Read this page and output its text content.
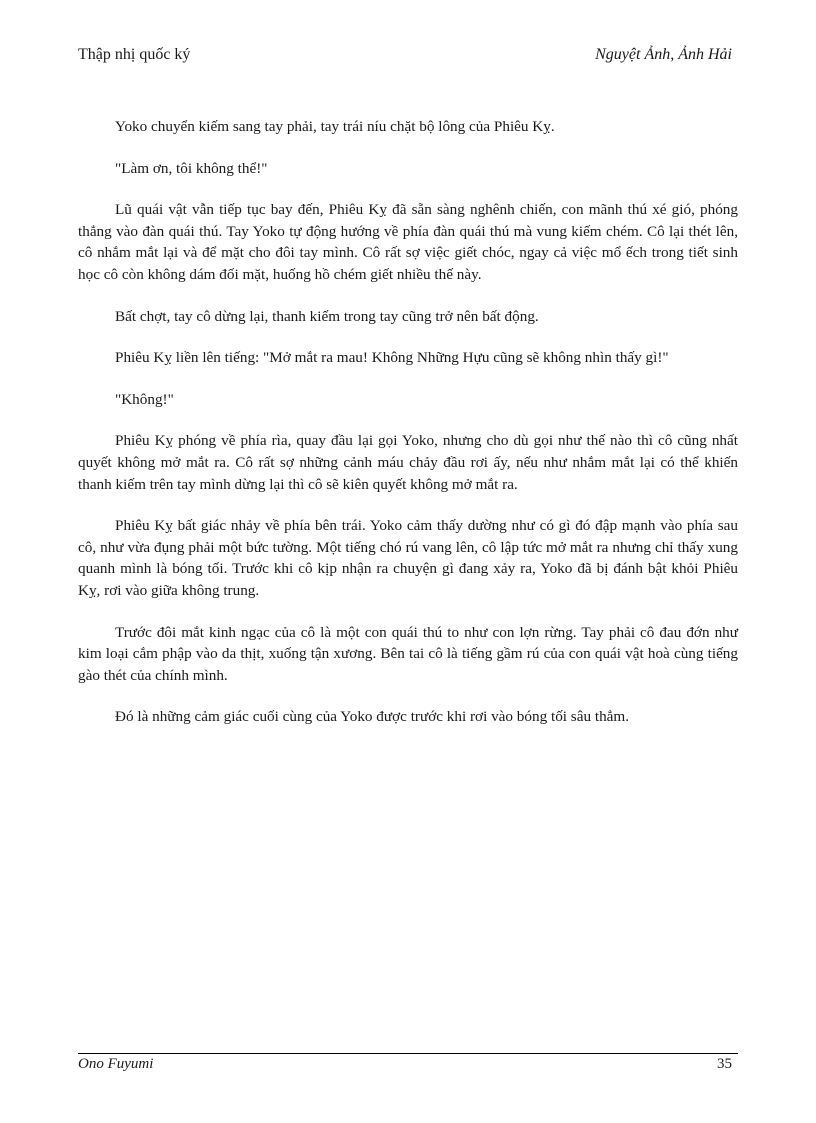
Thập nhị quốc ký	Nguyệt Ảnh, Ảnh Hải

Yoko chuyển kiếm sang tay phải, tay trái níu chặt bộ lông của Phiêu Kỵ.

"Làm ơn, tôi không thể!"

Lũ quái vật vẫn tiếp tục bay đến, Phiêu Kỵ đã sẵn sàng nghênh chiến, con mãnh thú xé gió, phóng thẳng vào đàn quái thú. Tay Yoko tự động hướng về phía đàn quái thú mà vung kiếm chém. Cô lại thét lên, cô nhắm mắt lại và để mặt cho đôi tay mình. Cô rất sợ việc giết chóc, ngay cả việc mổ ếch trong tiết sinh học cô còn không dám đối mặt, huống hồ chém giết nhiều thế này.

Bất chợt, tay cô dừng lại, thanh kiếm trong tay cũng trở nên bất động.

Phiêu Kỵ liền lên tiếng: "Mở mắt ra mau! Không Những Hựu cũng sẽ không nhìn thấy gì!"

"Không!"

Phiêu Kỵ phóng về phía rìa, quay đầu lại gọi Yoko, nhưng cho dù gọi như thế nào thì cô cũng nhất quyết không mở mắt ra. Cô rất sợ những cảnh máu chảy đầu rơi ấy, nếu như nhắm mắt lại có thể khiến thanh kiếm trên tay mình dừng lại thì cô sẽ kiên quyết không mở mắt ra.

Phiêu Kỵ bất giác nhảy về phía bên trái. Yoko cảm thấy dường như có gì đó đập mạnh vào phía sau cô, như vừa đụng phải một bức tường. Một tiếng chó rú vang lên, cô lập tức mở mắt ra nhưng chỉ thấy xung quanh mình là bóng tối. Trước khi cô kịp nhận ra chuyện gì đang xảy ra, Yoko đã bị đánh bật khỏi Phiêu Kỵ, rơi vào giữa không trung.

Trước đôi mắt kinh ngạc của cô là một con quái thú to như con lợn rừng. Tay phải cô đau đớn như kim loại cắm phập vào da thịt, xuống tận xương. Bên tai cô là tiếng gầm rú của con quái vật hoà cùng tiếng gào thét của chính mình.

Đó là những cảm giác cuối cùng của Yoko được trước khi rơi vào bóng tối sâu thẳm.

Ono Fuyumi	35
